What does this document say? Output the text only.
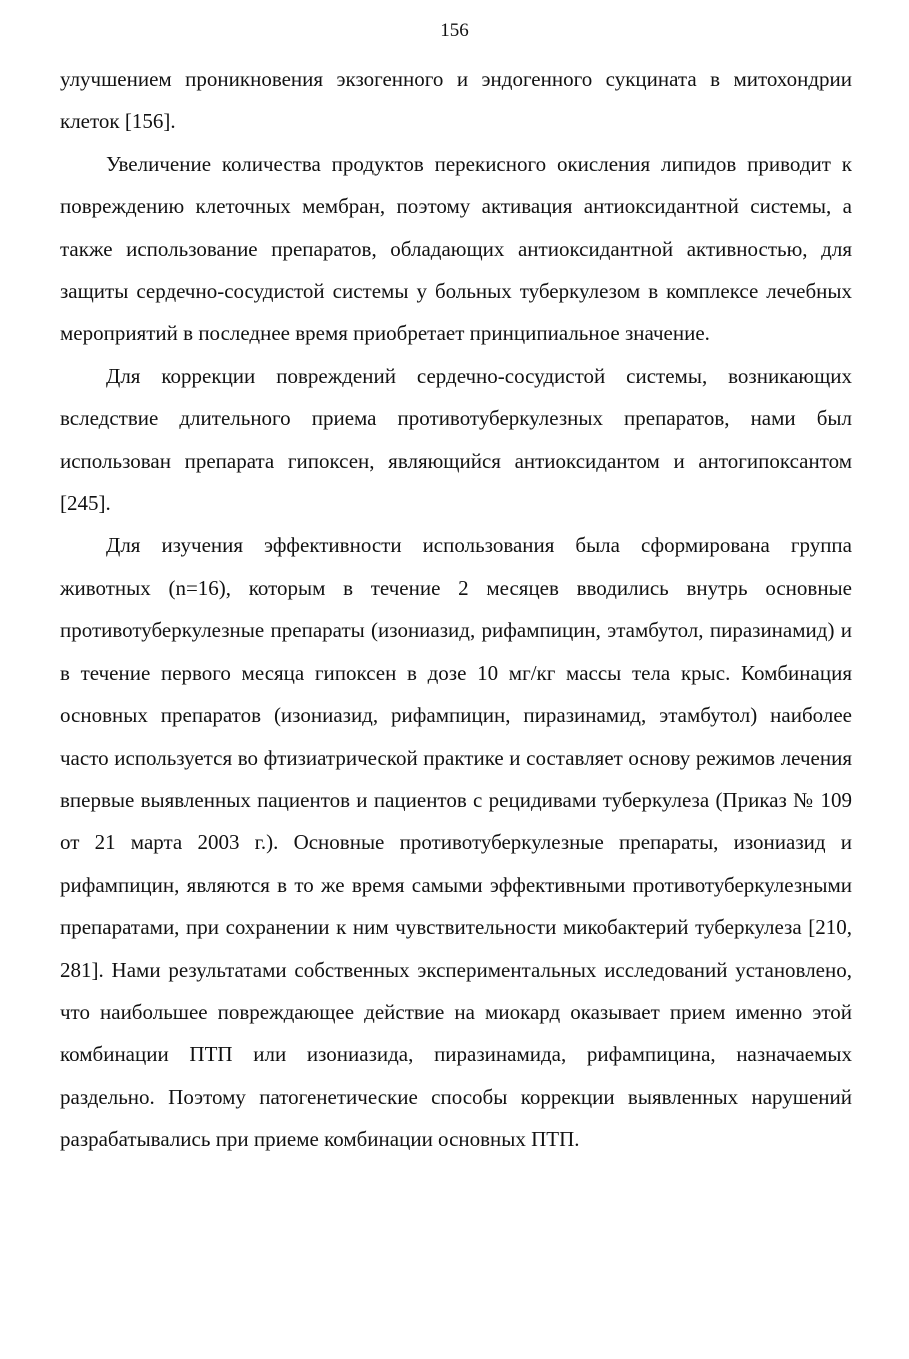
156

улучшением проникновения экзогенного и эндогенного сукцината в митохондрии клеток [156].

Увеличение количества продуктов перекисного окисления липидов приводит к повреждению клеточных мембран, поэтому активация антиоксидантной системы, а также использование препаратов, обладающих антиоксидантной активностью, для защиты сердечно-сосудистой системы у больных туберкулезом в комплексе лечебных мероприятий в последнее время приобретает принципиальное значение.

Для коррекции повреждений сердечно-сосудистой системы, возникающих вследствие длительного приема противотуберкулезных препаратов, нами был использован препарата гипоксен, являющийся антиоксидантом и антогипоксантом [245].

Для изучения эффективности использования была сформирована группа животных (n=16), которым в течение 2 месяцев вводились внутрь основные противотуберкулезные препараты (изониазид, рифампицин, этамбутол, пиразинамид) и в течение первого месяца гипоксен в дозе 10 мг/кг массы тела крыс. Комбинация основных препаратов (изониазид, рифампицин, пиразинамид, этамбутол) наиболее часто используется во фтизиатрической практике и составляет основу режимов лечения впервые выявленных пациентов и пациентов с рецидивами туберкулеза (Приказ № 109 от 21 марта 2003 г.). Основные противотуберкулезные препараты, изониазид и рифампицин, являются в то же время самыми эффективными противотуберкулезными препаратами, при сохранении к ним чувствительности микобактерий туберкулеза [210, 281]. Нами результатами собственных экспериментальных исследований установлено, что наибольшее повреждающее действие на миокард оказывает прием именно этой комбинации ПТП или изониазида, пиразинамида, рифампицина, назначаемых раздельно. Поэтому патогенетические способы коррекции выявленных нарушений разрабатывались при приеме комбинации основных ПТП.
